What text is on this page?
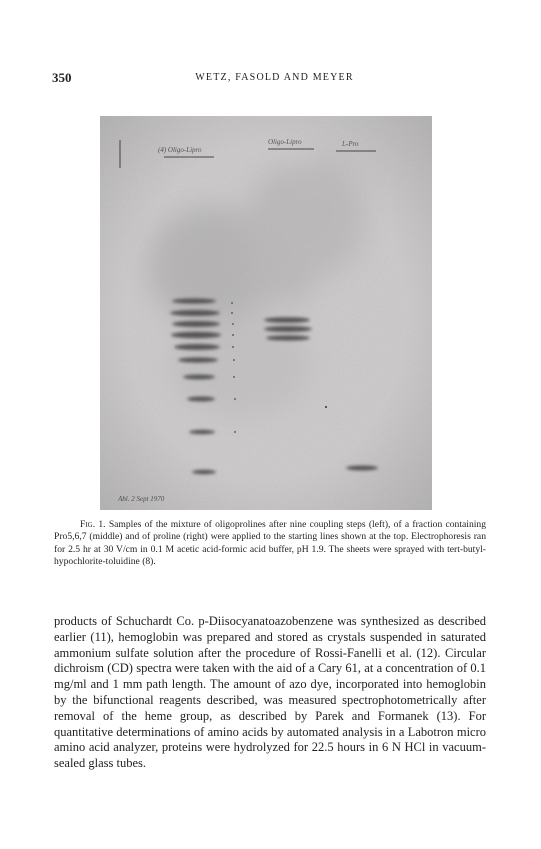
350	WETZ, FASOLD AND MEYER

Fig. 1. Samples of the mixture of oligoprolines after nine coupling steps (left), of a fraction containing Pro5,6,7 (middle) and of proline (right) were applied to the starting lines shown at the top. Electrophoresis ran for 2.5 hr at 30 V/cm in 0.1 M acetic acid-formic acid buffer, pH 1.9. The sheets were sprayed with tert-butyl-hypochlorite-toluidine (8).

products of Schuchardt Co. p-Diisocyanatoazobenzene was synthesized as described earlier (11), hemoglobin was prepared and stored as crystals suspended in saturated ammonium sulfate solution after the procedure of Rossi-Fanelli et al. (12). Circular dichroism (CD) spectra were taken with the aid of a Cary 61, at a concentration of 0.1 mg/ml and 1 mm path length. The amount of azo dye, incorporated into hemoglobin by the bifunctional reagents described, was measured spectrophotometrically after removal of the heme group, as described by Parek and Formanek (13). For quantitative determinations of amino acids by automated analysis in a Labotron micro amino acid analyzer, proteins were hydrolyzed for 22.5 hours in 6 N HCl in vacuum-sealed glass tubes.
